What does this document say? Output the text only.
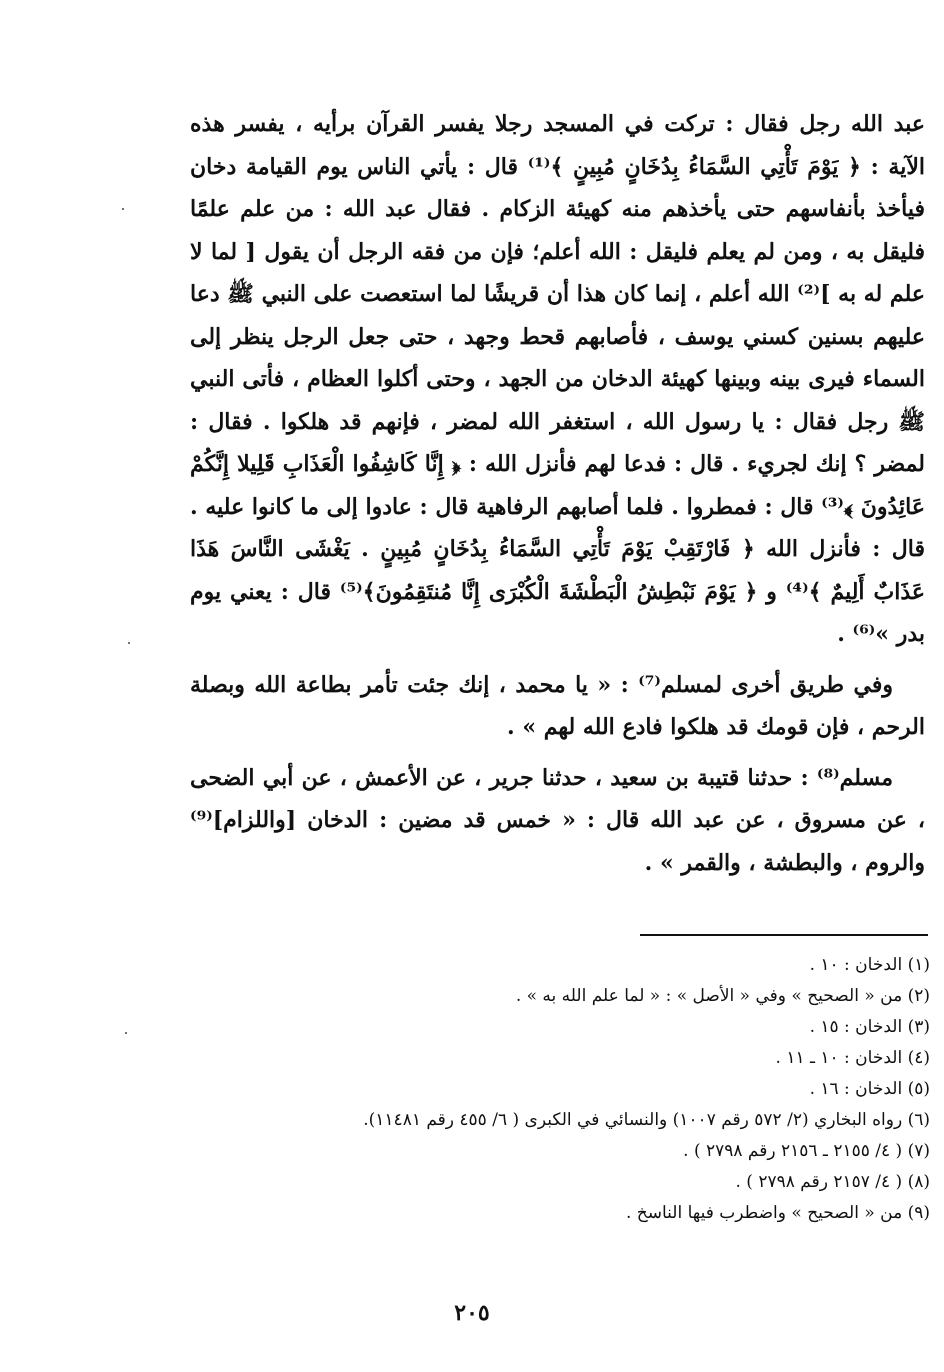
عبد الله رجل فقال : تركت في المسجد رجلا يفسر القرآن برأيه ، يفسر هذه الآية : ﴿ يَوْمَ تَأْتِي السَّمَاءُ بِدُخَانٍ مُبِينٍ ﴾⁽¹⁾ قال : يأتي الناس يوم القيامة دخان فيأخذ بأنفاسهم حتى يأخذهم منه كهيئة الزكام . فقال عبد الله : من علم علمًا فليقل به ، ومن لم يعلم فليقل : الله أعلم؛ فإن من فقه الرجل أن يقول [ لما لا علم له به ]⁽²⁾ الله أعلم ، إنما كان هذا أن قريشًا لما استعصت على النبي ﷺ دعا عليهم بسنين كسني يوسف ، فأصابهم قحط وجهد ، حتى جعل الرجل ينظر إلى السماء فيرى بينه وبينها كهيئة الدخان من الجهد ، وحتى أكلوا العظام ، فأتى النبي ﷺ رجل فقال : يا رسول الله ، استغفر الله لمضر ، فإنهم قد هلكوا . فقال : لمضر ؟ إنك لجريء . قال : فدعا لهم فأنزل الله : ﴿ إِنَّا كَاشِفُوا الْعَذَابِ قَلِيلا إِنَّكُمْ عَائِدُونَ ﴾⁽³⁾ قال : فمطروا . فلما أصابهم الرفاهية قال : عادوا إلى ما كانوا عليه . قال : فأنزل الله ﴿ فَارْتَقِبْ يَوْمَ تَأْتِي السَّمَاءُ بِدُخَانٍ مُبِينٍ . يَغْشَى النَّاسَ هَذَا عَذَابٌ أَلِيمٌ ﴾⁽⁴⁾ و ﴿ يَوْمَ نَبْطِشُ الْبَطْشَةَ الْكُبْرَى إِنَّا مُنتَقِمُونَ﴾⁽⁵⁾ قال : يعني يوم بدر »⁽⁶⁾ .

وفي طريق أخرى لمسلم⁽⁷⁾ : « يا محمد ، إنك جئت تأمر بطاعة الله وبصلة الرحم ، فإن قومك قد هلكوا فادع الله لهم » .

مسلم⁽⁸⁾ : حدثنا قتيبة بن سعيد ، حدثنا جرير ، عن الأعمش ، عن أبي الضحى ، عن مسروق ، عن عبد الله قال : « خمس قد مضين : الدخان [واللزام]⁽⁹⁾ والروم ، والبطشة ، والقمر » .

(١) الدخان : ١٠ .
(٢) من « الصحيح » وفي « الأصل » : « لما علم الله به » .
(٣) الدخان : ١٥ .
(٤) الدخان : ١٠ ـ ١١ .
(٥) الدخان : ١٦ .
(٦) رواه البخاري (٢/ ٥٧٢ رقم ١٠٠٧) والنسائي في الكبرى ( ٦/ ٤٥٥ رقم ١١٤٨١).
(٧) ( ٤/ ٢١٥٥ ـ ٢١٥٦ رقم ٢٧٩٨ ) .
(٨) ( ٤/ ٢١٥٧ رقم ٢٧٩٨ ) .
(٩) من « الصحيح » واضطرب فيها الناسخ .
٢٠٥
